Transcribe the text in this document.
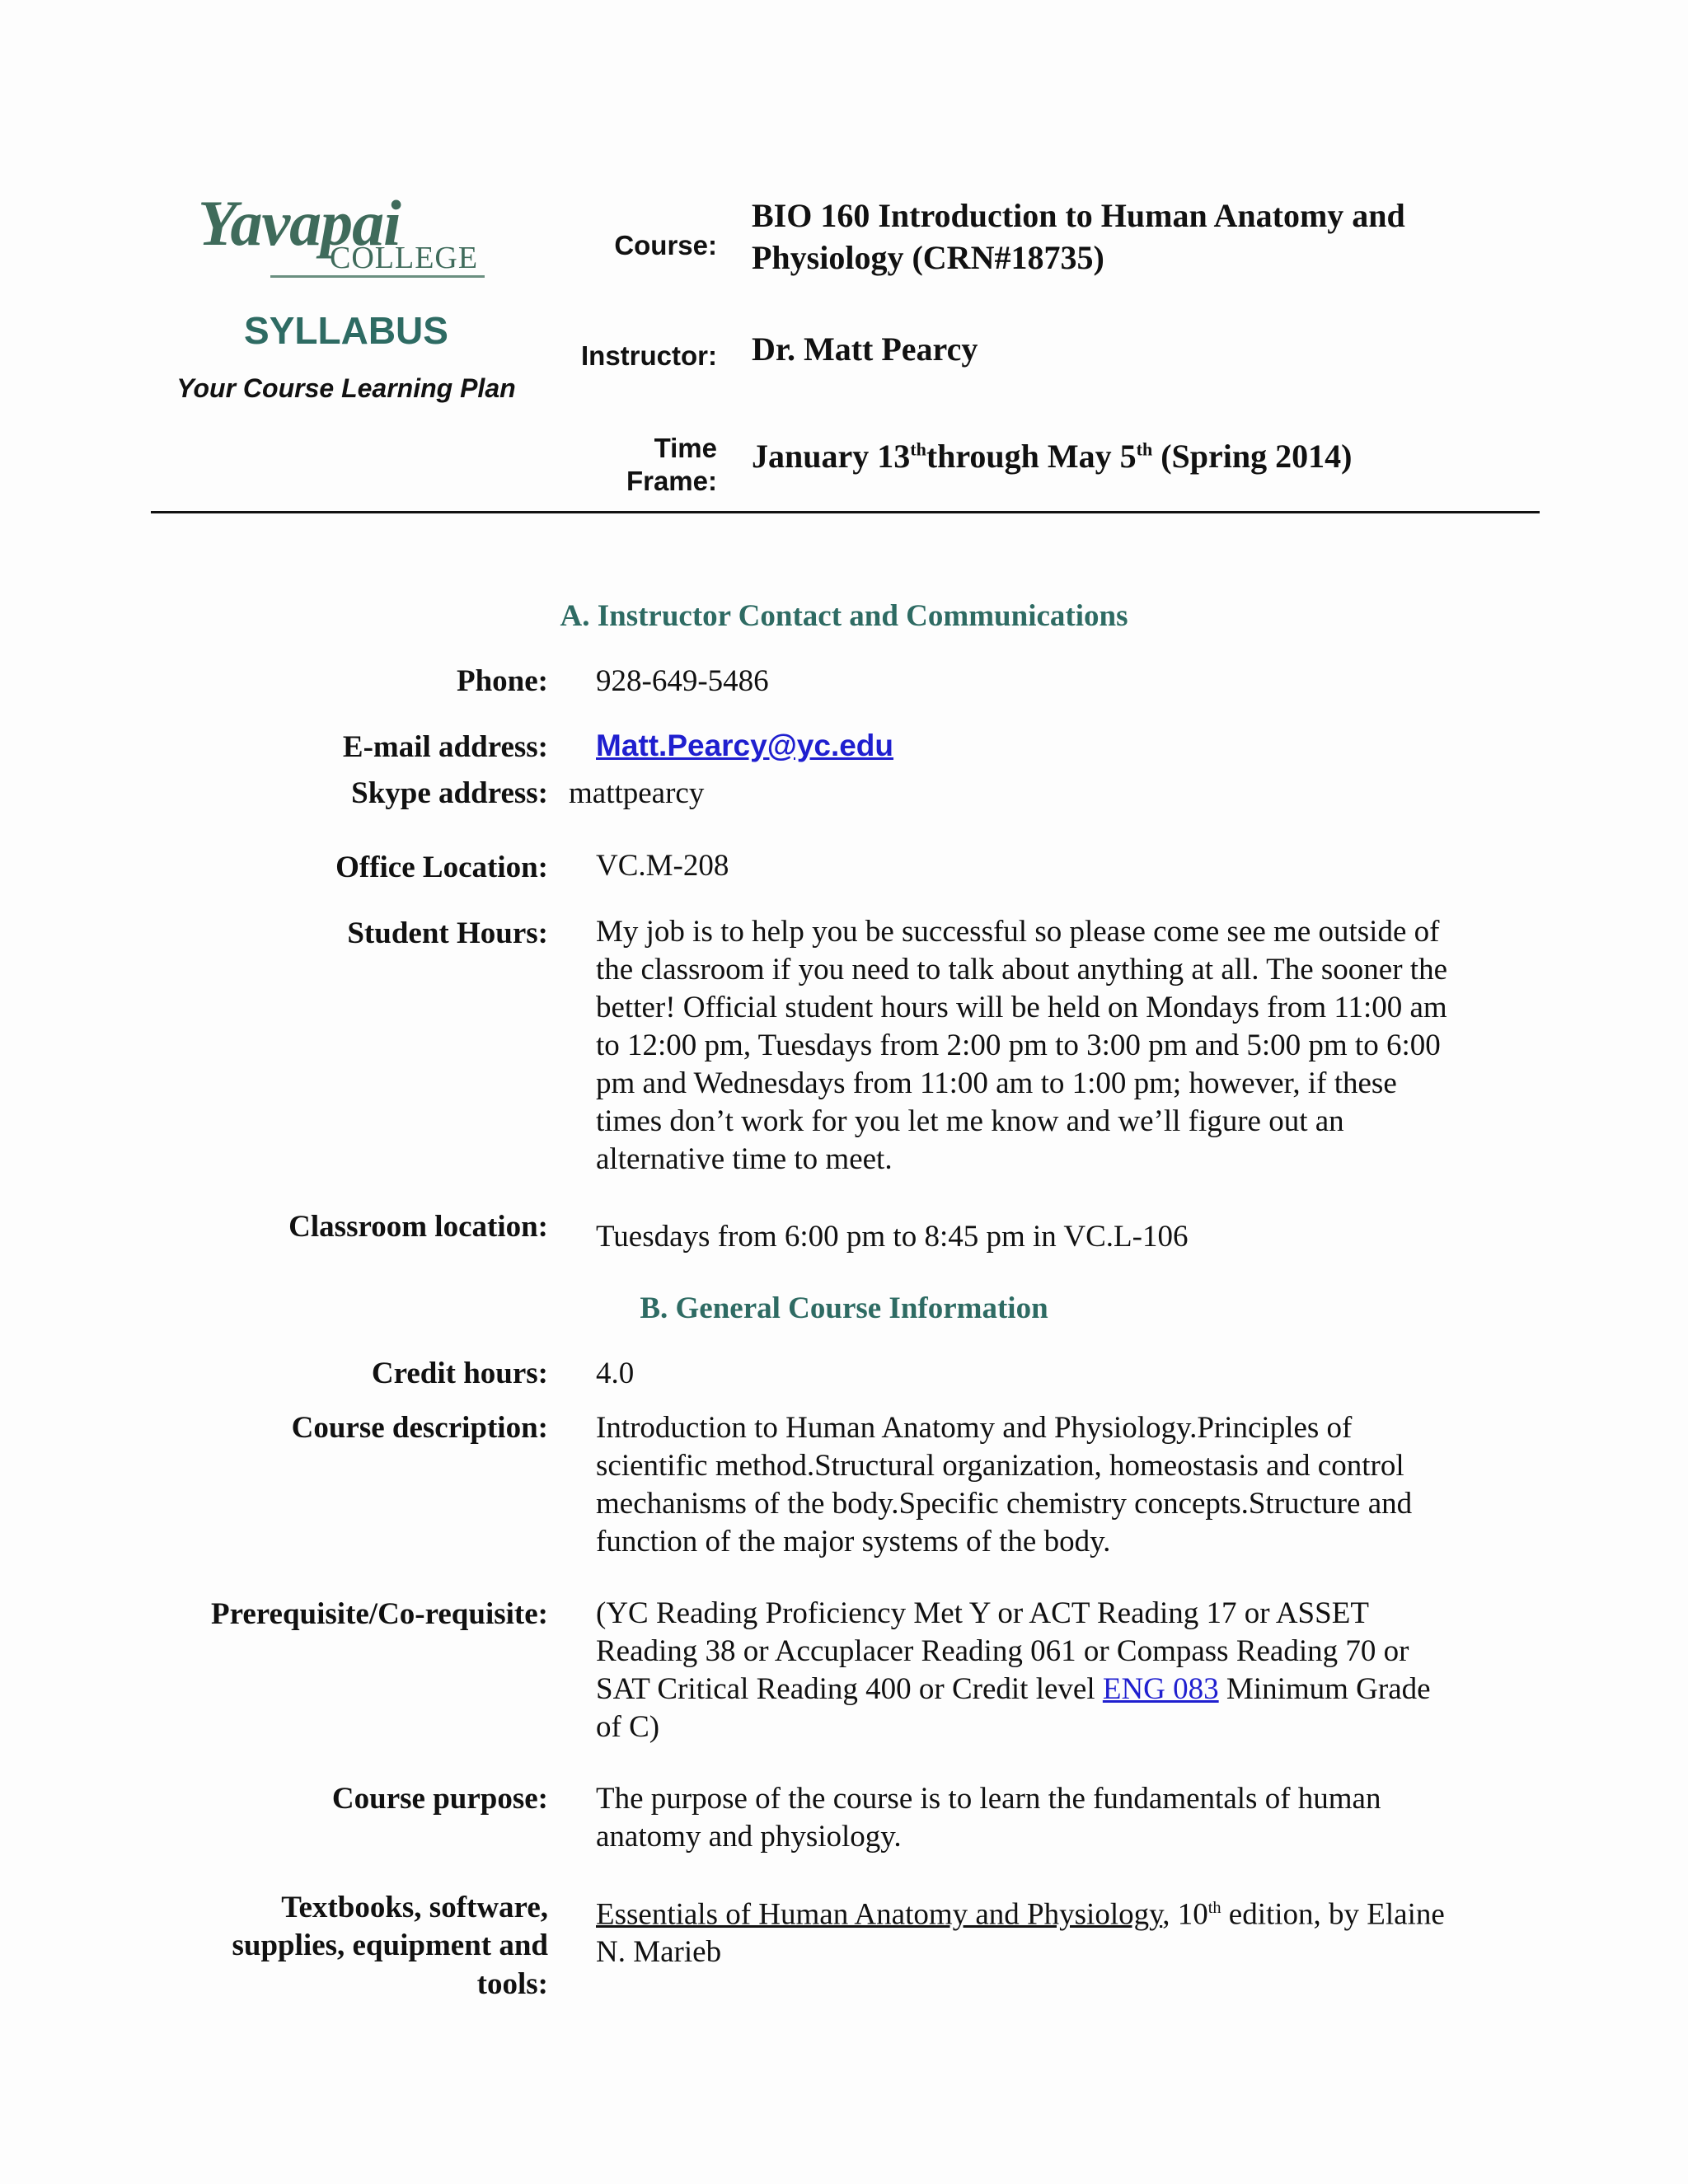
Yavapai
COLLEGE
SYLLABUS
Your Course Learning Plan
Course:
BIO 160 Introduction to Human Anatomy and
Physiology (CRN#18735)
Instructor: Dr. Matt Pearcy
Time
Frame:
January 13ththrough May 5th (Spring 2014)
A. Instructor Contact and Communications
Phone: 928-649-5486
E-mail address: Matt.Pearcy@yc.edu
Skype address: mattpearcy
Office Location: VC.M-208
Student Hours: My job is to help you be successful so please come see me outside of
the classroom if you need to talk about anything at all. The sooner the
better! Official student hours will be held on Mondays from 11:00 am
to 12:00 pm, Tuesdays from 2:00 pm to 3:00 pm and 5:00 pm to 6:00
pm and Wednesdays from 11:00 am to 1:00 pm; however, if these
times don’t work for you let me know and we’ll figure out an
alternative time to meet.
Classroom location: Tuesdays from 6:00 pm to 8:45 pm in VC.L-106
B. General Course Information
Credit hours: 4.0
Course description: Introduction to Human Anatomy and Physiology.Principles of
scientific method.Structural organization, homeostasis and control
mechanisms of the body.Specific chemistry concepts.Structure and
function of the major systems of the body.
Prerequisite/Co-requisite: (YC Reading Proficiency Met Y or ACT Reading 17 or ASSET
Reading 38 or Accuplacer Reading 061 or Compass Reading 70 or
SAT Critical Reading 400 or Credit level ENG 083 Minimum Grade
of C)
Course purpose: The purpose of the course is to learn the fundamentals of human
anatomy and physiology.
Textbooks, software,
supplies, equipment and
tools:
Essentials of Human Anatomy and Physiology, 10th edition, by Elaine
N. Marieb
